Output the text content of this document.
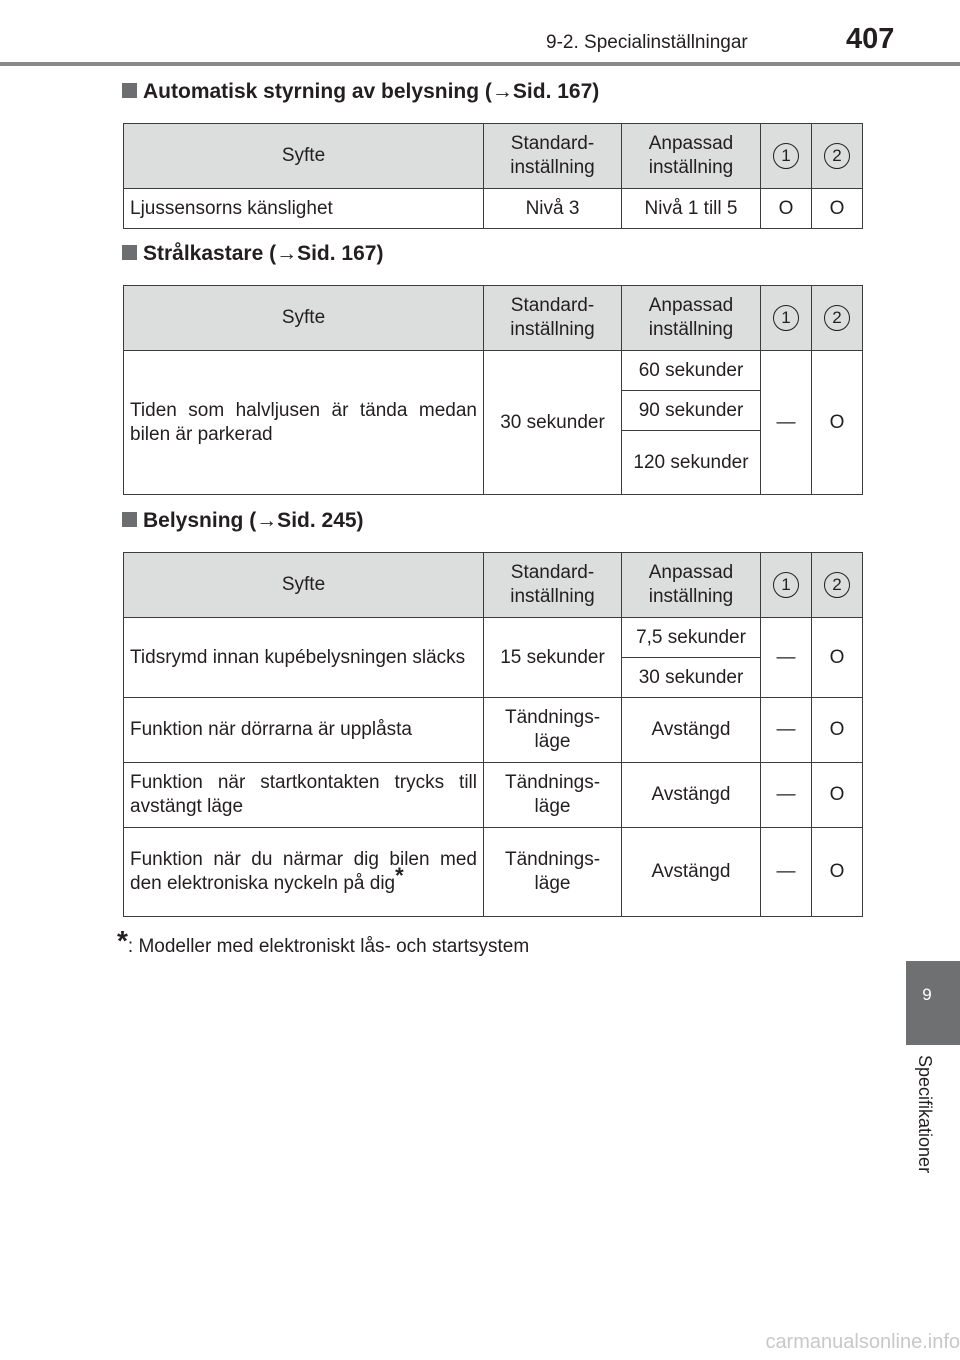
9-2. Specialinställningar	407
9
Specifikationer
Automatisk styrning av belysning (→Sid. 167)
Syfte	Standard-inställning	Anpassad inställning	1	2
Ljussensorns känslighet	Nivå 3	Nivå 1 till 5	O	O
Strålkastare (→Sid. 167)
Syfte	Standard-inställning	Anpassad inställning	1	2
Tiden som halvljusen är tända medan bilen är parkerad	30 sekunder	60 sekunder	—	O
		90 sekunder		
		120 sekunder		
Belysning (→Sid. 245)
Syfte	Standard-inställning	Anpassad inställning	1	2
Tidsrymd innan kupébelysningen släcks	15 sekunder	7,5 sekunder	—	O
		30 sekunder		
Funktion när dörrarna är upplåsta	Tändnings-läge	Avstängd	—	O
Funktion när startkontakten trycks till avstängt läge	Tändnings-läge	Avstängd	—	O
Funktion när du närmar dig bilen med den elektroniska nyckeln på dig*	Tändnings-läge	Avstängd	—	O
*: Modeller med elektroniskt lås- och startsystem
carmanualsonline.info
